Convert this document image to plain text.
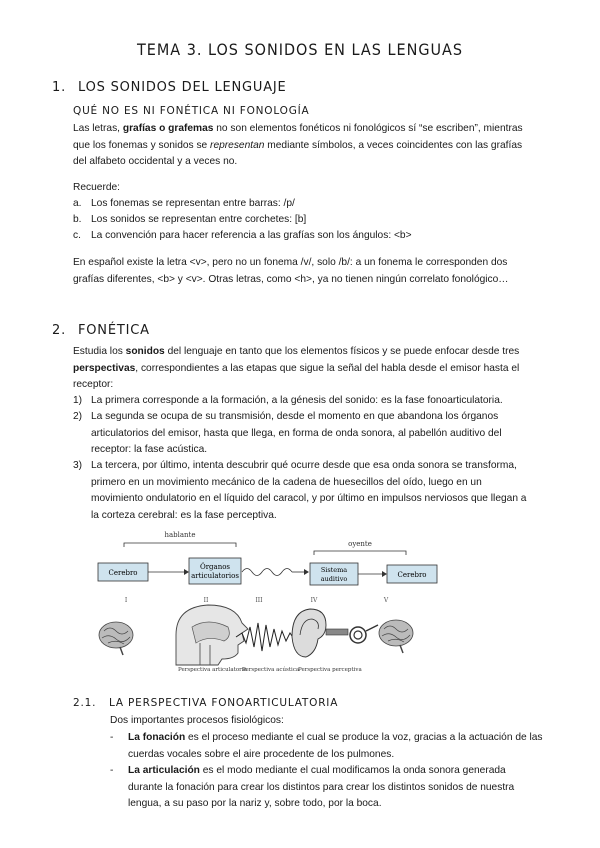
TEMA 3. LOS SONIDOS EN LAS LENGUAS
1. LOS SONIDOS DEL LENGUAJE
QUÉ NO ES NI FONÉTICA NI FONOLOGÍA
Las letras, grafías o grafemas no son elementos fonéticos ni fonológicos sí “se escriben”, mientras
que los fonemas y sonidos se representan mediante símbolos, a veces coincidentes con las grafías
del alfabeto occidental y a veces no.
Recuerde:
a. Los fonemas se representan entre barras: /p/
b. Los sonidos se representan entre corchetes: [b]
c. La convención para hacer referencia a las grafías son los ángulos: <b>
En español existe la letra <v>, pero no un fonema /v/, solo /b/: a un fonema le corresponden dos
grafías diferentes, <b> y <v>. Otras letras, como <h>, ya no tienen ningún correlato fonológico…
2. FONÉTICA
Estudia los sonidos del lenguaje en tanto que los elementos físicos y se puede enfocar desde tres
perspectivas, correspondientes a las etapas que sigue la señal del habla desde el emisor hasta el
receptor:
1) La primera corresponde a la formación, a la génesis del sonido: es la fase fonoarticulatoria.
2) La segunda se ocupa de su transmisión, desde el momento en que abandona los órganos
articulatorios del emisor, hasta que llega, en forma de onda sonora, al pabellón auditivo del
receptor: la fase acústica.
3) La tercera, por último, intenta descubrir qué ocurre desde que esa onda sonora se transforma,
primero en un movimiento mecánico de la cadena de huesecillos del oído, luego en un
movimiento ondulatorio en el líquido del caracol, y por último en impulsos nerviosos que llegan a
la corteza cerebral: es la fase perceptiva.
hablante
oyente
Cerebro
Órganos
articulatorios
Sistema
auditivo	Cerebro
I	II	III	IV	V
Perspectiva articulatoria
Perspectiva acústica
Perspectiva perceptiva
2.1. LA PERSPECTIVA FONOARTICULATORIA
Dos importantes procesos fisiológicos:
- La fonación es el proceso mediante el cual se produce la voz, gracias a la actuación de las
cuerdas vocales sobre el aire procedente de los pulmones.
- La articulación es el modo mediante el cual modificamos la onda sonora generada
durante la fonación para crear los distintos para crear los distintos sonidos de nuestra
lengua, a su paso por la nariz y, sobre todo, por la boca.
